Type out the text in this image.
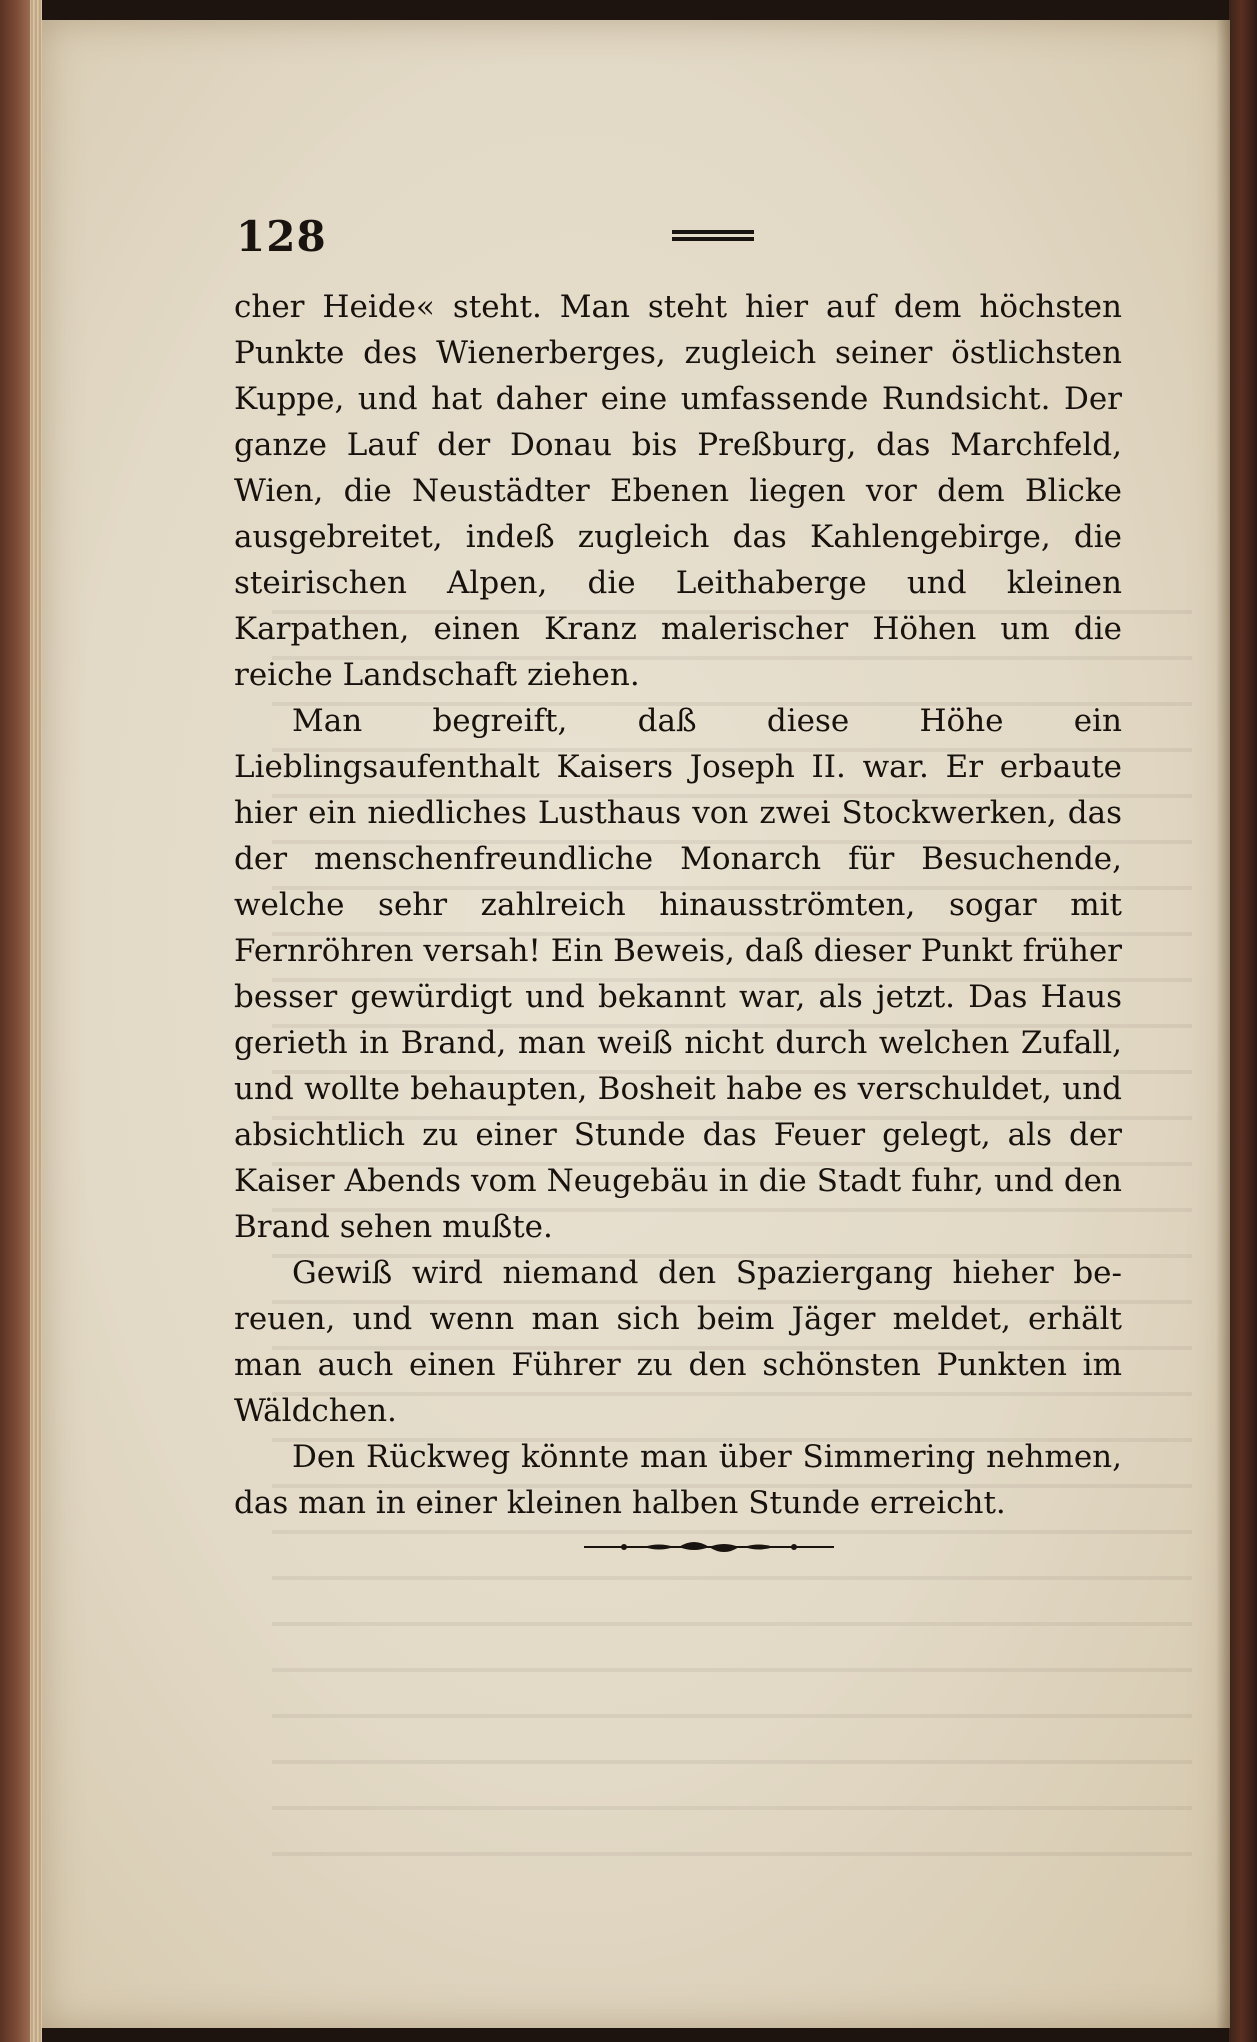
128

cher Heide« steht. Man steht hier auf dem höchsten Punkte des Wienerberges, zugleich seiner östlichsten Kuppe, und hat daher eine umfassende Rundsicht. Der ganze Lauf der Donau bis Preßburg, das Marchfeld, Wien, die Neustädter Ebenen liegen vor dem Blicke ausgebreitet, indeß zugleich das Kahlengebirge, die steirischen Alpen, die Leithaberge und kleinen Karpathen, einen Kranz malerischer Höhen um die reiche Landschaft ziehen.

Man begreift, daß diese Höhe ein Lieblingsaufenthalt Kaisers Joseph II. war. Er erbaute hier ein niedliches Lusthaus von zwei Stockwerken, das der menschenfreundliche Monarch für Besuchende, welche sehr zahlreich hinausströmten, sogar mit Fernröhren versah! Ein Beweis, daß dieser Punkt früher besser gewürdigt und bekannt war, als jetzt. Das Haus gerieth in Brand, man weiß nicht durch welchen Zufall, und wollte behaupten, Bosheit habe es verschuldet, und absichtlich zu einer Stunde das Feuer gelegt, als der Kaiser Abends vom Neugebäu in die Stadt fuhr, und den Brand sehen mußte.

Gewiß wird niemand den Spaziergang hieher bereuen, und wenn man sich beim Jäger meldet, erhält man auch einen Führer zu den schönsten Punkten im Wäldchen.

Den Rückweg könnte man über Simmering nehmen, das man in einer kleinen halben Stunde erreicht.
